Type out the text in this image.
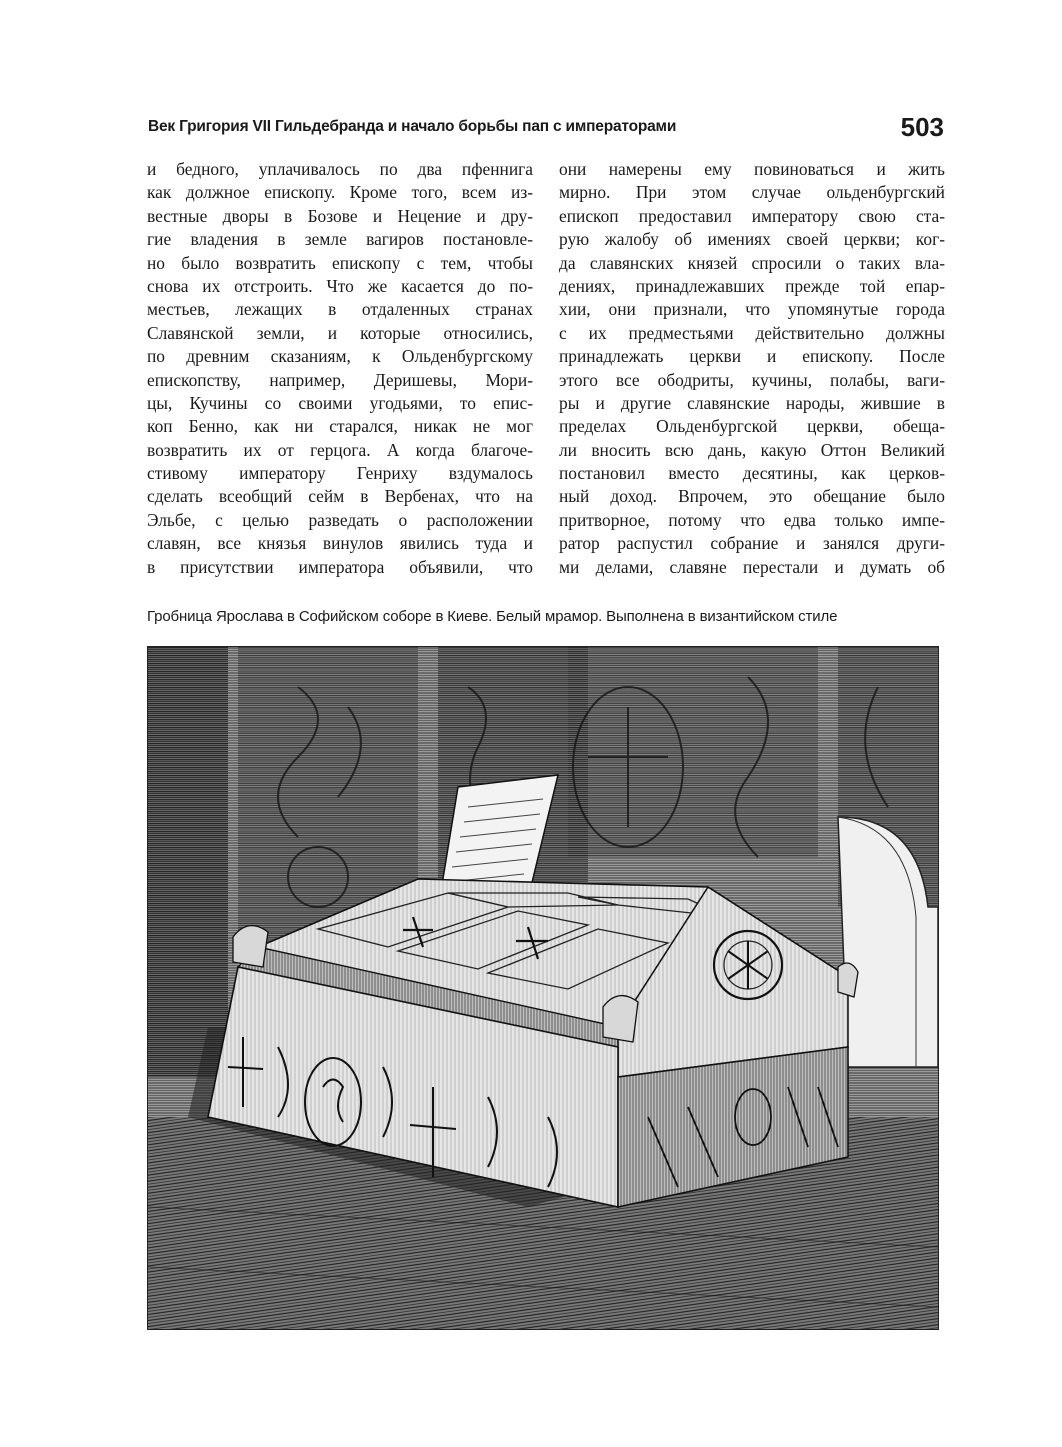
Век Григория VII Гильдебранда и начало борьбы пап с императорами	503
и бедного, уплачивалось по два пфеннига
как должное епископу. Кроме того, всем из-
вестные дворы в Бозове и Нецение и дру-
гие владения в земле вагиров постановле-
но было возвратить епископу с тем, чтобы
снова их отстроить. Что же касается до по-
местьев, лежащих в отдаленных странах
Славянской земли, и которые относились,
по древним сказаниям, к Ольденбургскому
епископству, например, Деришевы, Мори-
цы, Кучины со своими угодьями, то епис-
коп Бенно, как ни старался, никак не мог
возвратить их от герцога. А когда благоче-
стивому императору Генриху вздумалось
сделать всеобщий сейм в Вербенах, что на
Эльбе, с целью разведать о расположении
славян, все князья винулов явились туда и
в присутствии императора объявили, что
они намерены ему повиноваться и жить
мирно. При этом случае ольденбургский
епископ предоставил императору свою ста-
рую жалобу об имениях своей церкви; ког-
да славянских князей спросили о таких вла-
дениях, принадлежавших прежде той епар-
хии, они признали, что упомянутые города
с их предместьями действительно должны
принадлежать церкви и епископу. После
этого все ободриты, кучины, полабы, ваги-
ры и другие славянские народы, жившие в
пределах Ольденбургской церкви, обеща-
ли вносить всю дань, какую Оттон Великий
постановил вместо десятины, как церков-
ный доход. Впрочем, это обещание было
притворное, потому что едва только импе-
ратор распустил собрание и занялся други-
ми делами, славяне перестали и думать об
Гробница Ярослава в Софийском соборе в Киеве. Белый мрамор. Выполнена в византийском стиле
